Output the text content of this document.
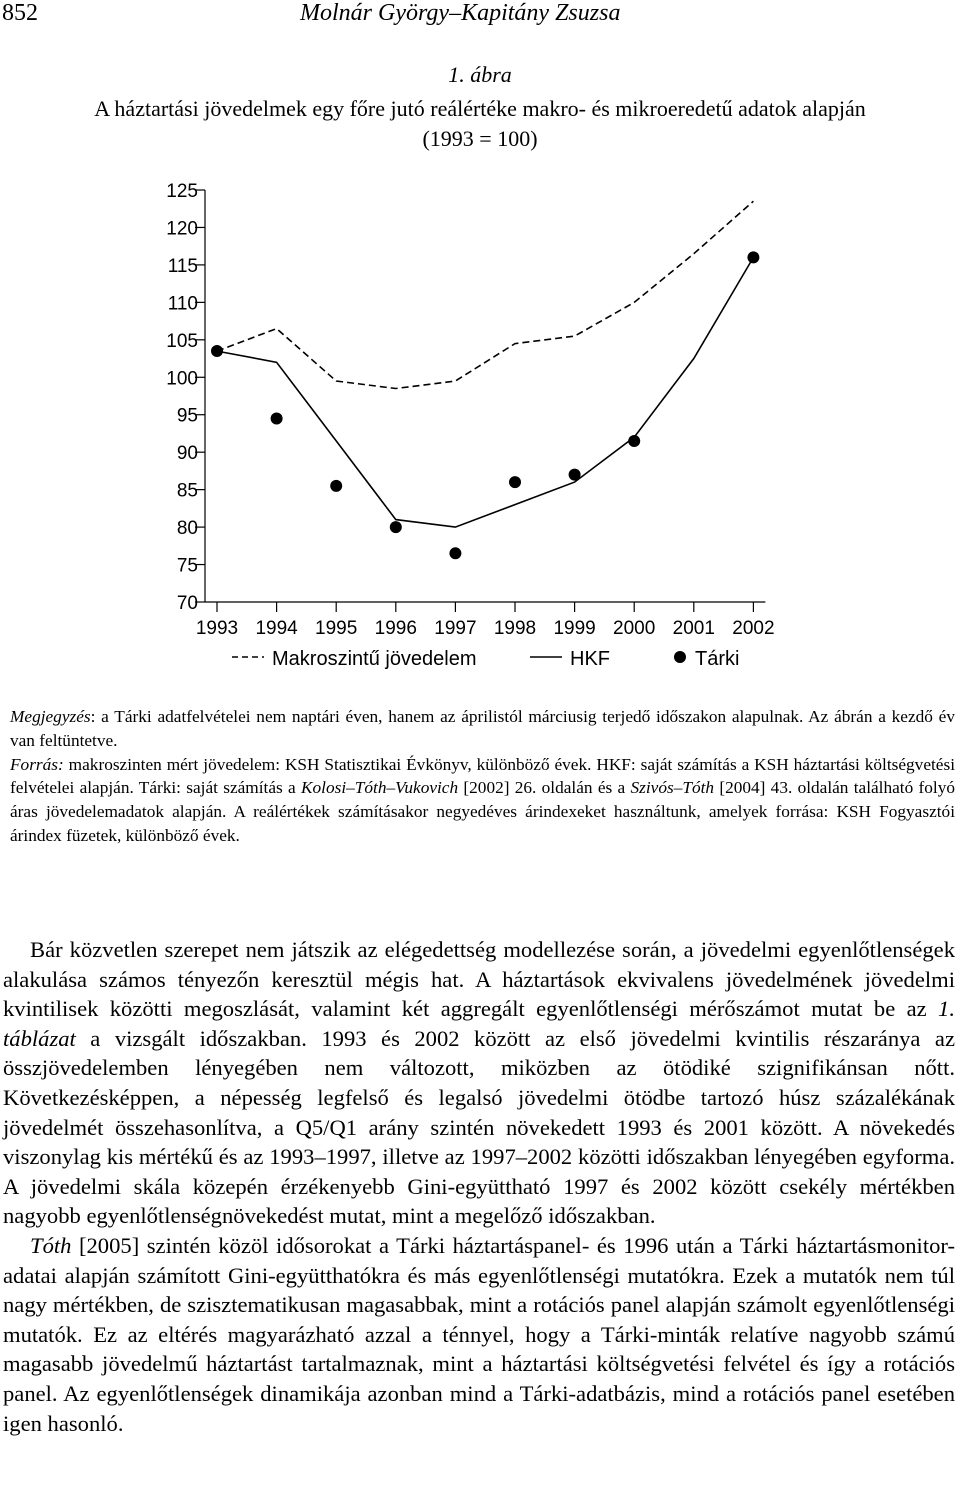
852	Molnár György–Kapitány Zsuzsa
1. ábra
A háztartási jövedelmek egy főre jutó reálértéke makro- és mikroeredetű adatok alapján
(1993 = 100)
70
75
80
85
90
95
100
105
110
115
120
125
1993 1994 1995 1996 1997 1998 1999 2000 2001 2002
Makroszintű jövedelem	HKF	Tárki

Megjegyzés: a Tárki adatfelvételei nem naptári éven, hanem az áprilistól márciusig terjedő időszakon alapulnak. Az ábrán a kezdő év van feltüntetve.

Forrás: makroszinten mért jövedelem: KSH Statisztikai Évkönyv, különböző évek. HKF: saját számítás a KSH háztartási költségvetési felvételei alapján. Tárki: saját számítás a Kolosi–Tóth–Vukovich [2002] 26. oldalán és a Szivós–Tóth [2004] 43. oldalán található folyó áras jövedelemadatok alapján. A reálértékek számításakor negyedéves árindexeket használtunk, amelyek forrása: KSH Fogyasztói árindex füzetek, különböző évek.

Bár közvetlen szerepet nem játszik az elégedettség modellezése során, a jövedelmi egyenlőtlenségek alakulása számos tényezőn keresztül mégis hat. A háztartások ekvivalens jövedelmének jövedelmi kvintilisek közötti megoszlását, valamint két aggregált egyenlőtlenségi mérőszámot mutat be az 1. táblázat a vizsgált időszakban. 1993 és 2002 között az első jövedelmi kvintilis részaránya az összjövedelemben lényegében nem változott, miközben az ötödiké szignifikánsan nőtt. Következésképpen, a népesség legfelső és legalsó jövedelmi ötödbe tartozó húsz százalékának jövedelmét összehasonlítva, a Q5/Q1 arány szintén növekedett 1993 és 2001 között. A növekedés viszonylag kis mértékű és az 1993–1997, illetve az 1997–2002 közötti időszakban lényegében egyforma. A jövedelmi skála közepén érzékenyebb Gini-együttható 1997 és 2002 között csekély mértékben nagyobb egyenlőtlenségnövekedést mutat, mint a megelőző időszakban.

Tóth [2005] szintén közöl idősorokat a Tárki háztartáspanel- és 1996 után a Tárki háztartásmonitor-adatai alapján számított Gini-együtthatókra és más egyenlőtlenségi mutatókra. Ezek a mutatók nem túl nagy mértékben, de szisztematikusan magasabbak, mint a rotációs panel alapján számolt egyenlőtlenségi mutatók. Ez az eltérés magyarázható azzal a ténnyel, hogy a Tárki-minták relatíve nagyobb számú magasabb jövedelmű háztartást tartalmaznak, mint a háztartási költségvetési felvétel és így a rotációs panel. Az egyenlőtlenségek dinamikája azonban mind a Tárki-adatbázis, mind a rotációs panel esetében igen hasonló.
